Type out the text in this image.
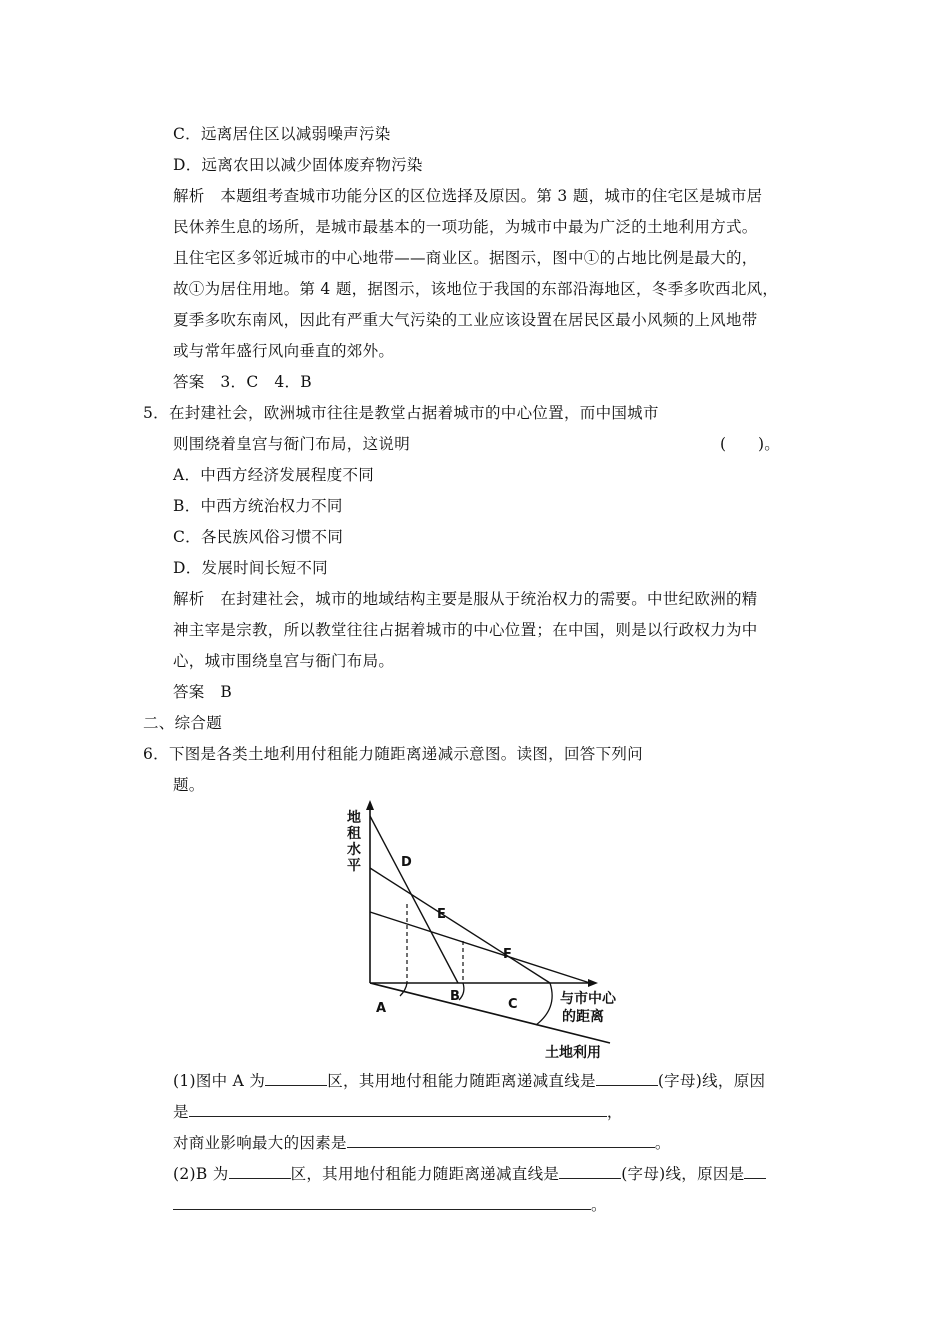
C．远离居住区以减弱噪声污染
D．远离农田以减少固体废弃物污染
解析　本题组考查城市功能分区的区位选择及原因。第 3 题，城市的住宅区是城市居
民休养生息的场所，是城市最基本的一项功能，为城市中最为广泛的土地利用方式。
且住宅区多邻近城市的中心地带——商业区。据图示，图中①的占地比例是最大的，
故①为居住用地。第 4 题，据图示，该地位于我国的东部沿海地区，冬季多吹西北风，
夏季多吹东南风，因此有严重大气污染的工业应该设置在居民区最小风频的上风地带
或与常年盛行风向垂直的郊外。
答案　3．C　4．B
5．在封建社会，欧洲城市往往是教堂占据着城市的中心位置，而中国城市
则围绕着皇宫与衙门布局，这说明	(　　)。
A．中西方经济发展程度不同
B．中西方统治权力不同
C．各民族风俗习惯不同
D．发展时间长短不同
解析　在封建社会，城市的地域结构主要是服从于统治权力的需要。中世纪欧洲的精
神主宰是宗教，所以教堂往往占据着城市的中心位置；在中国，则是以行政权力为中
心，城市围绕皇宫与衙门布局。
答案　B
二、综合题
6．下图是各类土地利用付租能力随距离递减示意图。读图，回答下列问
题。
地
租
水
平	D
E
F
A
B
C	与市中心
的距离
土地利用
(1)图中 A 为	区，其用地付租能力随距离递减直线是	(字母)线，原因
是	，
对商业影响最大的因素是	。
(2)B 为	区，其用地付租能力随距离递减直线是	(字母)线，原因是
。
